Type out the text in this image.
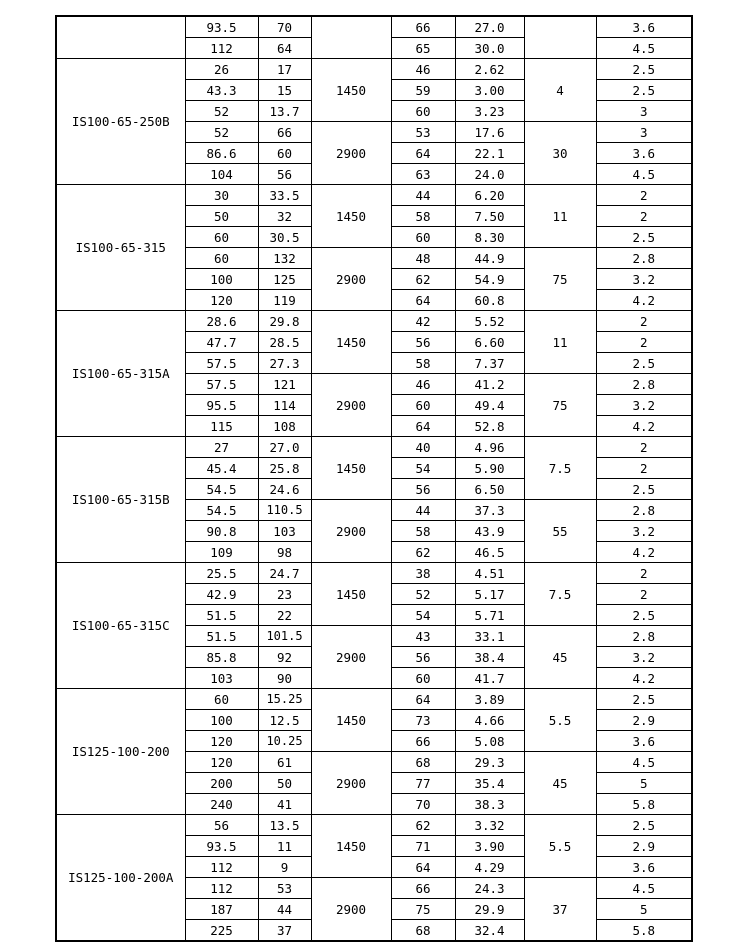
	93.5	70		66	27.0		3.6
	112	64		65	30.0		4.5
IS100-65-250B	26	17	1450	46	2.62	4	2.5
	43.3	15		59	3.00		2.5
	52	13.7		60	3.23		3
	52	66	2900	53	17.6	30	3
	86.6	60		64	22.1		3.6
	104	56		63	24.0		4.5
IS100-65-315	30	33.5	1450	44	6.20	11	2
	50	32		58	7.50		2
	60	30.5		60	8.30		2.5
	60	132	2900	48	44.9	75	2.8
	100	125		62	54.9		3.2
	120	119		64	60.8		4.2
IS100-65-315A	28.6	29.8	1450	42	5.52	11	2
	47.7	28.5		56	6.60		2
	57.5	27.3		58	7.37		2.5
	57.5	121	2900	46	41.2	75	2.8
	95.5	114		60	49.4		3.2
	115	108		64	52.8		4.2
IS100-65-315B	27	27.0	1450	40	4.96	7.5	2
	45.4	25.8		54	5.90		2
	54.5	24.6		56	6.50		2.5
	54.5	110.5	2900	44	37.3	55	2.8
	90.8	103		58	43.9		3.2
	109	98		62	46.5		4.2
IS100-65-315C	25.5	24.7	1450	38	4.51	7.5	2
	42.9	23		52	5.17		2
	51.5	22		54	5.71		2.5
	51.5	101.5	2900	43	33.1	45	2.8
	85.8	92		56	38.4		3.2
	103	90		60	41.7		4.2
IS125-100-200	60	15.25	1450	64	3.89	5.5	2.5
	100	12.5		73	4.66		2.9
	120	10.25		66	5.08		3.6
	120	61	2900	68	29.3	45	4.5
	200	50		77	35.4		5
	240	41		70	38.3		5.8
IS125-100-200A	56	13.5	1450	62	3.32	5.5	2.5
	93.5	11		71	3.90		2.9
	112	9		64	4.29		3.6
	112	53	2900	66	24.3	37	4.5
	187	44		75	29.9		5
	225	37		68	32.4		5.8
